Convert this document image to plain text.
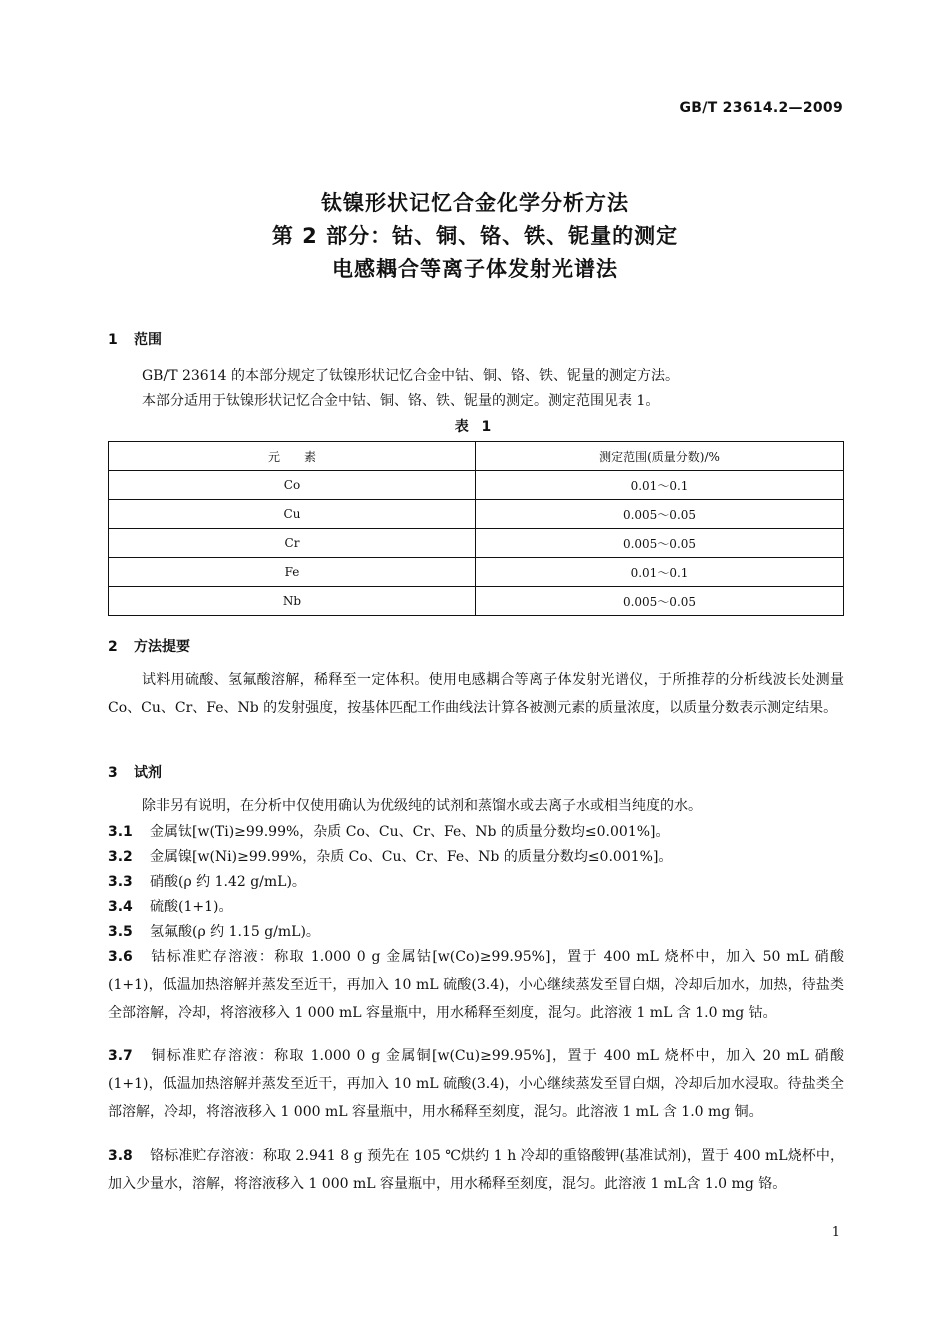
GB/T 23614.2—2009
钛镍形状记忆合金化学分析方法
第 2 部分：钴、铜、铬、铁、铌量的测定
电感耦合等离子体发射光谱法
1 范围
GB/T 23614 的本部分规定了钛镍形状记忆合金中钴、铜、铬、铁、铌量的测定方法。
本部分适用于钛镍形状记忆合金中钴、铜、铬、铁、铌量的测定。测定范围见表 1。
表 1
元　　素	测定范围(质量分数)/%
Co	0.01～0.1
Cu	0.005～0.05
Cr	0.005～0.05
Fe	0.01～0.1
Nb	0.005～0.05
2 方法提要
试料用硫酸、氢氟酸溶解，稀释至一定体积。使用电感耦合等离子体发射光谱仪，于所推荐的分析线波长处测量 Co、Cu、Cr、Fe、Nb 的发射强度，按基体匹配工作曲线法计算各被测元素的质量浓度，以质量分数表示测定结果。
3 试剂
除非另有说明，在分析中仅使用确认为优级纯的试剂和蒸馏水或去离子水或相当纯度的水。
3.1 金属钛[w(Ti)≥99.99%，杂质 Co、Cu、Cr、Fe、Nb 的质量分数均≤0.001%]。
3.2 金属镍[w(Ni)≥99.99%，杂质 Co、Cu、Cr、Fe、Nb 的质量分数均≤0.001%]。
3.3 硝酸(ρ 约 1.42 g/mL)。
3.4 硫酸(1+1)。
3.5 氢氟酸(ρ 约 1.15 g/mL)。
3.6 钴标准贮存溶液：称取 1.000 0 g 金属钴[w(Co)≥99.95%]，置于 400 mL 烧杯中，加入 50 mL 硝酸(1+1)，低温加热溶解并蒸发至近干，再加入 10 mL 硫酸(3.4)，小心继续蒸发至冒白烟，冷却后加水，加热，待盐类全部溶解，冷却，将溶液移入 1 000 mL 容量瓶中，用水稀释至刻度，混匀。此溶液 1 mL 含 1.0 mg 钴。
3.7 铜标准贮存溶液：称取 1.000 0 g 金属铜[w(Cu)≥99.95%]，置于 400 mL 烧杯中，加入 20 mL 硝酸(1+1)，低温加热溶解并蒸发至近干，再加入 10 mL 硫酸(3.4)，小心继续蒸发至冒白烟，冷却后加水浸取。待盐类全部溶解，冷却，将溶液移入 1 000 mL 容量瓶中，用水稀释至刻度，混匀。此溶液 1 mL 含 1.0 mg 铜。
3.8 铬标准贮存溶液：称取 2.941 8 g 预先在 105 ℃烘约 1 h 冷却的重铬酸钾(基准试剂)，置于 400 mL烧杯中，加入少量水，溶解，将溶液移入 1 000 mL 容量瓶中，用水稀释至刻度，混匀。此溶液 1 mL含 1.0 mg 铬。
1
